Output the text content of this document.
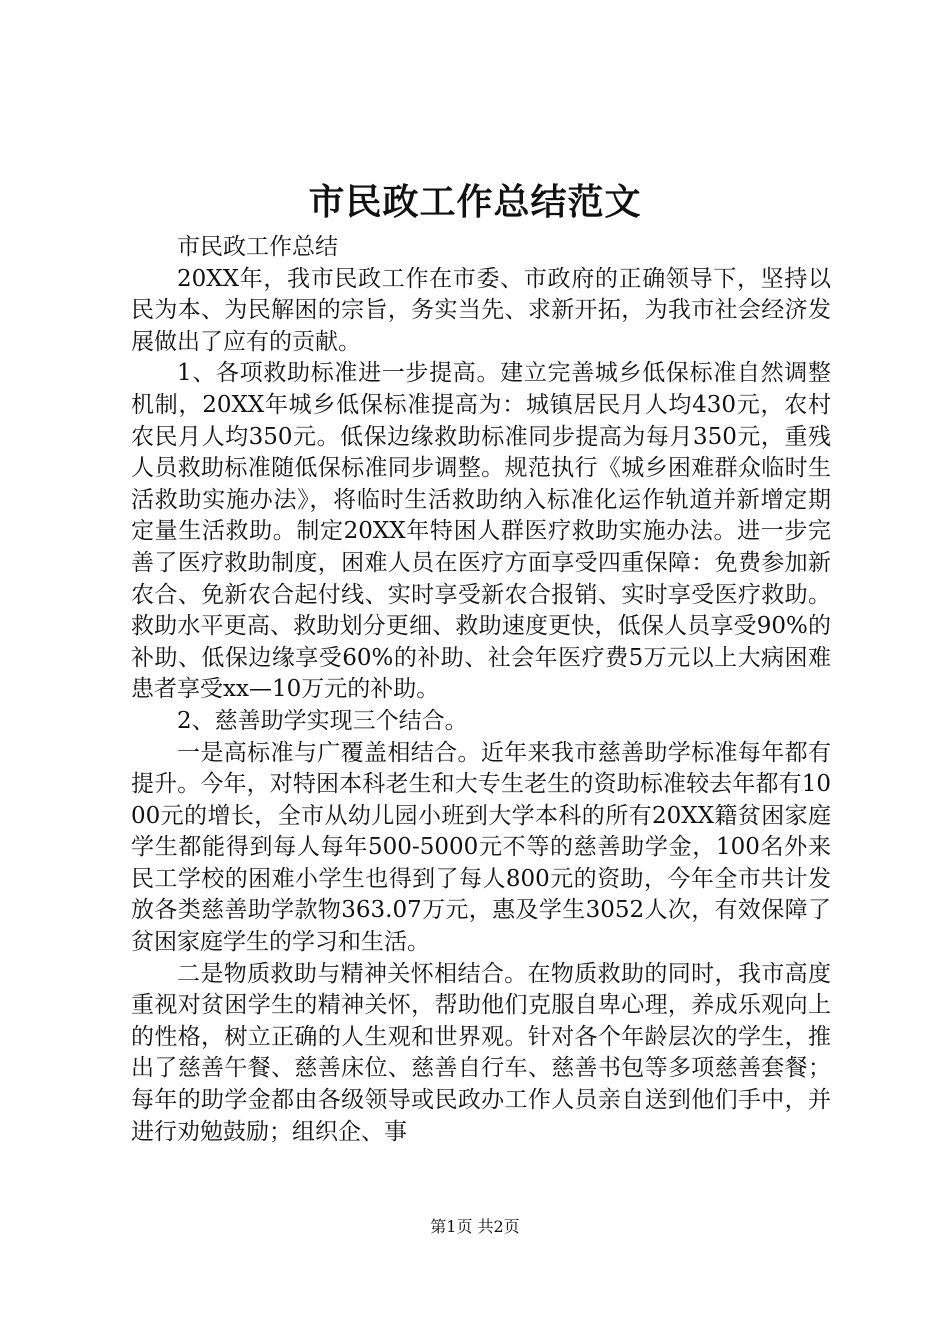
市民政工作总结范文

市民政工作总结

20XX年，我市民政工作在市委、市政府的正确领导下，坚持以民为本、为民解困的宗旨，务实当先、求新开拓，为我市社会经济发展做出了应有的贡献。

1、各项救助标准进一步提高。建立完善城乡低保标准自然调整机制，20XX年城乡低保标准提高为：城镇居民月人均430元，农村农民月人均350元。低保边缘救助标准同步提高为每月350元，重残人员救助标准随低保标准同步调整。规范执行《城乡困难群众临时生活救助实施办法》，将临时生活救助纳入标准化运作轨道并新增定期定量生活救助。制定20XX年特困人群医疗救助实施办法。进一步完善了医疗救助制度，困难人员在医疗方面享受四重保障：免费参加新农合、免新农合起付线、实时享受新农合报销、实时享受医疗救助。救助水平更高、救助划分更细、救助速度更快，低保人员享受90%的补助、低保边缘享受60%的补助、社会年医疗费5万元以上大病困难患者享受xx—10万元的补助。

2、慈善助学实现三个结合。

一是高标准与广覆盖相结合。近年来我市慈善助学标准每年都有提升。今年，对特困本科老生和大专生老生的资助标准较去年都有1000元的增长，全市从幼儿园小班到大学本科的所有20XX籍贫困家庭学生都能得到每人每年500-5000元不等的慈善助学金，100名外来民工学校的困难小学生也得到了每人800元的资助，今年全市共计发放各类慈善助学款物363.07万元，惠及学生3052人次，有效保障了贫困家庭学生的学习和生活。

二是物质救助与精神关怀相结合。在物质救助的同时，我市高度重视对贫困学生的精神关怀，帮助他们克服自卑心理，养成乐观向上的性格，树立正确的人生观和世界观。针对各个年龄层次的学生，推出了慈善午餐、慈善床位、慈善自行车、慈善书包等多项慈善套餐；每年的助学金都由各级领导或民政办工作人员亲自送到他们手中，并进行劝勉鼓励；组织企、事

第1页 共2页
